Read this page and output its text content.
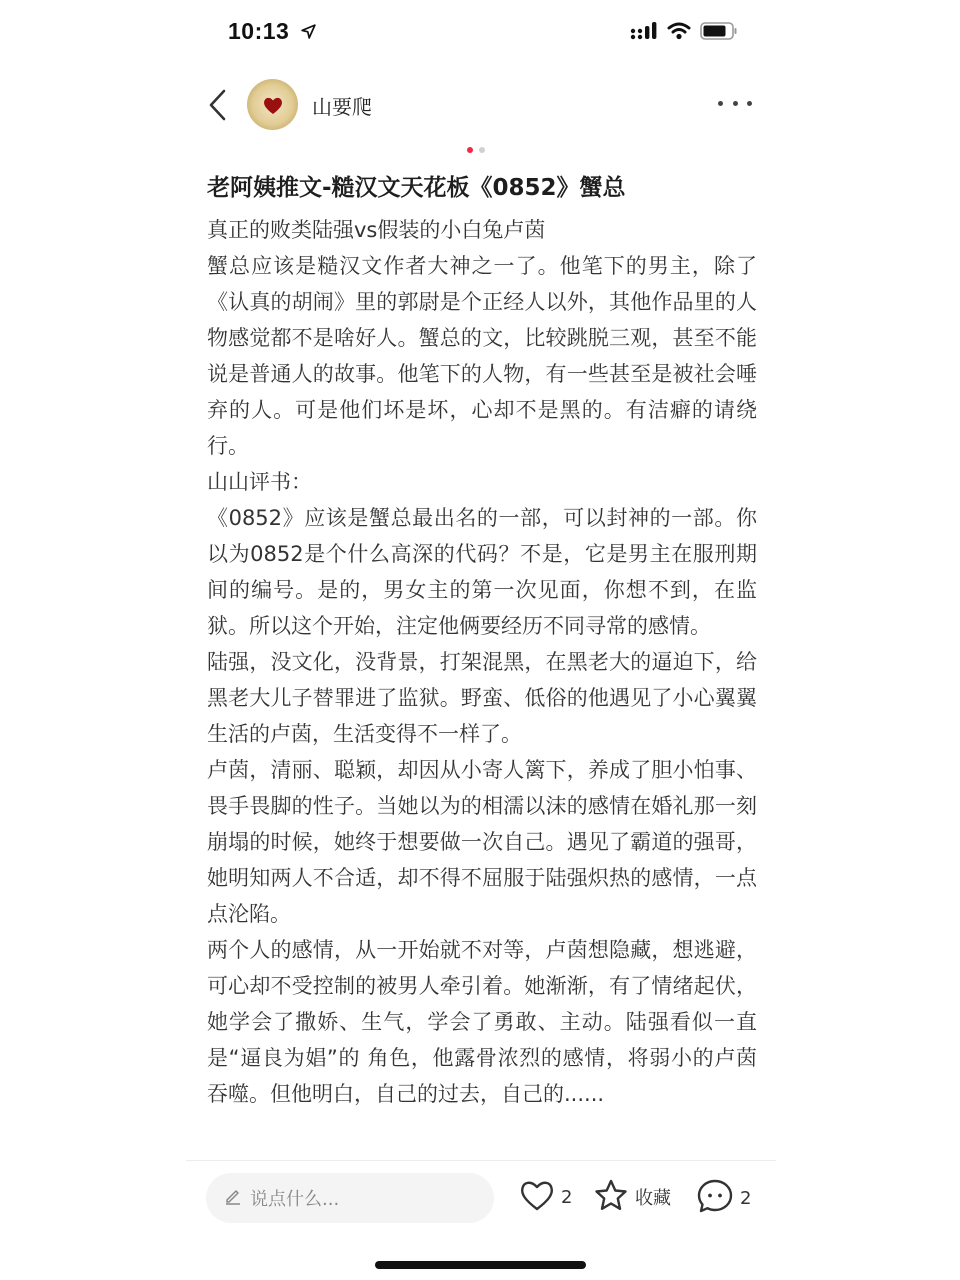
10:13
山要爬
老阿姨推文-糙汉文天花板《0852》蟹总

真正的败类陆强vs假装的小白兔卢茵

蟹总应该是糙汉文作者大神之一了。他笔下的男主，除了《认真的胡闹》里的郭尉是个正经人以外，其他作品里的人物感觉都不是啥好人。蟹总的文，比较跳脱三观，甚至不能说是普通人的故事。他笔下的人物，有一些甚至是被社会唾弃的人。可是他们坏是坏，心却不是黑的。有洁癖的请绕行。

山山评书：

《0852》应该是蟹总最出名的一部，可以封神的一部。你以为0852是个什么高深的代码？不是，它是男主在服刑期间的编号。是的，男女主的第一次见面，你想不到，在监狱。所以这个开始，注定他俩要经历不同寻常的感情。

陆强，没文化，没背景，打架混黑，在黑老大的逼迫下，给黑老大儿子替罪进了监狱。野蛮、低俗的他遇见了小心翼翼生活的卢茵，生活变得不一样了。

卢茵，清丽、聪颖，却因从小寄人篱下，养成了胆小怕事、畏手畏脚的性子。当她以为的相濡以沫的感情在婚礼那一刻崩塌的时候，她终于想要做一次自己。遇见了霸道的强哥，她明知两人不合适，却不得不屈服于陆强炽热的感情，一点点沦陷。

两个人的感情，从一开始就不对等，卢茵想隐藏，想逃避，可心却不受控制的被男人牵引着。她渐渐，有了情绪起伏，她学会了撒娇、生气，学会了勇敢、主动。陆强看似一直是“逼良为娼”的 角色，他露骨浓烈的感情，将弱小的卢茵吞噬。但他明白，自己的过去，自己的......

说点什么...	2	收藏	2
